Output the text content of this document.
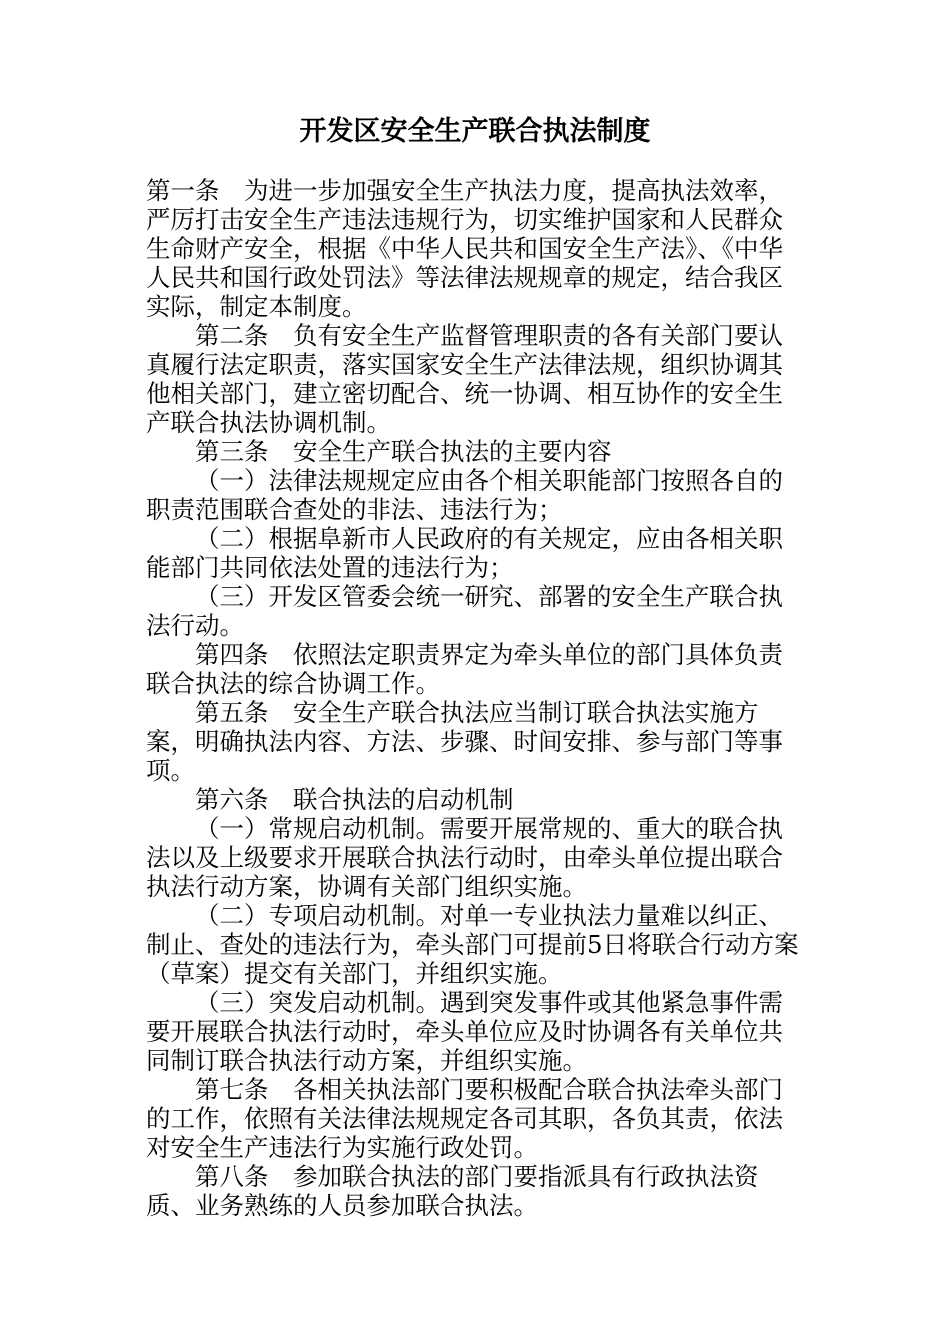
开发区安全生产联合执法制度

第一条　为进一步加强安全生产执法力度，提高执法效率，严厉打击安全生产违法违规行为，切实维护国家和人民群众生命财产安全，根据《中华人民共和国安全生产法》、《中华人民共和国行政处罚法》等法律法规规章的规定，结合我区实际，制定本制度。

第二条　负有安全生产监督管理职责的各有关部门要认真履行法定职责，落实国家安全生产法律法规，组织协调其他相关部门，建立密切配合、统一协调、相互协作的安全生产联合执法协调机制。

第三条　安全生产联合执法的主要内容

（一）法律法规规定应由各个相关职能部门按照各自的职责范围联合查处的非法、违法行为；

（二）根据阜新市人民政府的有关规定，应由各相关职能部门共同依法处置的违法行为；

（三）开发区管委会统一研究、部署的安全生产联合执法行动。

第四条　依照法定职责界定为牵头单位的部门具体负责联合执法的综合协调工作。

第五条　安全生产联合执法应当制订联合执法实施方案，明确执法内容、方法、步骤、时间安排、参与部门等事项。

第六条　联合执法的启动机制

（一）常规启动机制。需要开展常规的、重大的联合执法以及上级要求开展联合执法行动时，由牵头单位提出联合执法行动方案，协调有关部门组织实施。

（二）专项启动机制。对单一专业执法力量难以纠正、制止、查处的违法行为，牵头部门可提前5日将联合行动方案（草案）提交有关部门，并组织实施。

（三）突发启动机制。遇到突发事件或其他紧急事件需要开展联合执法行动时，牵头单位应及时协调各有关单位共同制订联合执法行动方案，并组织实施。

第七条　各相关执法部门要积极配合联合执法牵头部门的工作，依照有关法律法规规定各司其职，各负其责，依法对安全生产违法行为实施行政处罚。

第八条　参加联合执法的部门要指派具有行政执法资质、业务熟练的人员参加联合执法。
